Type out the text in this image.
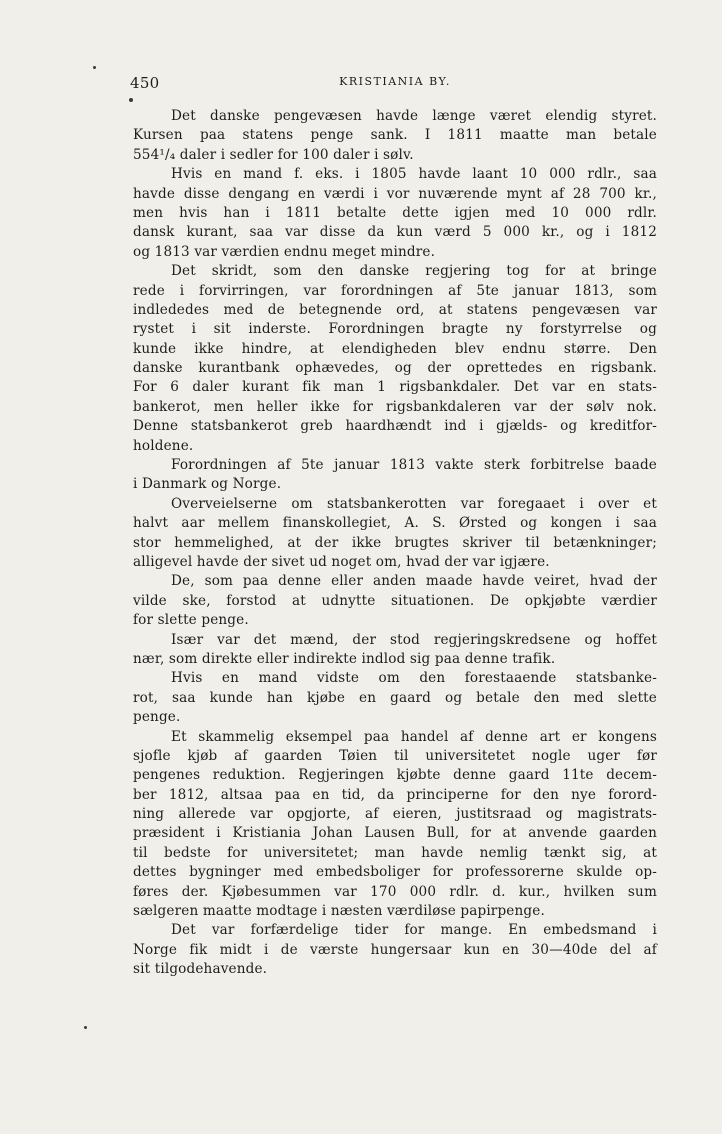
450	KRISTIANIA BY.
Det danske pengevæsen havde længe været elendig styret.
Kursen paa statens penge sank. I 1811 maatte man betale
554¹/₄ daler i sedler for 100 daler i sølv.
Hvis en mand f. eks. i 1805 havde laant 10 000 rdlr., saa
havde disse dengang en værdi i vor nuværende mynt af 28 700 kr.,
men hvis han i 1811 betalte dette igjen med 10 000 rdlr.
dansk kurant, saa var disse da kun værd 5 000 kr., og i 1812
og 1813 var værdien endnu meget mindre.
Det skridt, som den danske regjering tog for at bringe
rede i forvirringen, var forordningen af 5te januar 1813, som
indlededes med de betegnende ord, at statens pengevæsen var
rystet i sit inderste. Forordningen bragte ny forstyrrelse og
kunde ikke hindre, at elendigheden blev endnu større. Den
danske kurantbank ophævedes, og der oprettedes en rigsbank.
For 6 daler kurant fik man 1 rigsbankdaler. Det var en stats-
bankerot, men heller ikke for rigsbankdaleren var der sølv nok.
Denne statsbankerot greb haardhændt ind i gjælds- og kreditfor-
holdene.
Forordningen af 5te januar 1813 vakte sterk forbitrelse baade
i Danmark og Norge.
Overveielserne om statsbankerotten var foregaaet i over et
halvt aar mellem finanskollegiet, A. S. Ørsted og kongen i saa
stor hemmelighed, at der ikke brugtes skriver til betænkninger;
alligevel havde der sivet ud noget om, hvad der var igjære.
De, som paa denne eller anden maade havde veiret, hvad der
vilde ske, forstod at udnytte situationen. De opkjøbte værdier
for slette penge.
Især var det mænd, der stod regjeringskredsene og hoffet
nær, som direkte eller indirekte indlod sig paa denne trafik.
Hvis en mand vidste om den forestaaende statsbanke-
rot, saa kunde han kjøbe en gaard og betale den med slette
penge.
Et skammelig eksempel paa handel af denne art er kongens
sjofle kjøb af gaarden Tøien til universitetet nogle uger før
pengenes reduktion. Regjeringen kjøbte denne gaard 11te decem-
ber 1812, altsaa paa en tid, da principerne for den nye forord-
ning allerede var opgjorte, af eieren, justitsraad og magistrats-
præsident i Kristiania Johan Lausen Bull, for at anvende gaarden
til bedste for universitetet; man havde nemlig tænkt sig, at
dettes bygninger med embedsboliger for professorerne skulde op-
føres der. Kjøbesummen var 170 000 rdlr. d. kur., hvilken sum
sælgeren maatte modtage i næsten værdiløse papirpenge.
Det var forfærdelige tider for mange. En embedsmand i
Norge fik midt i de værste hungersaar kun en 30—40de del af
sit tilgodehavende.
